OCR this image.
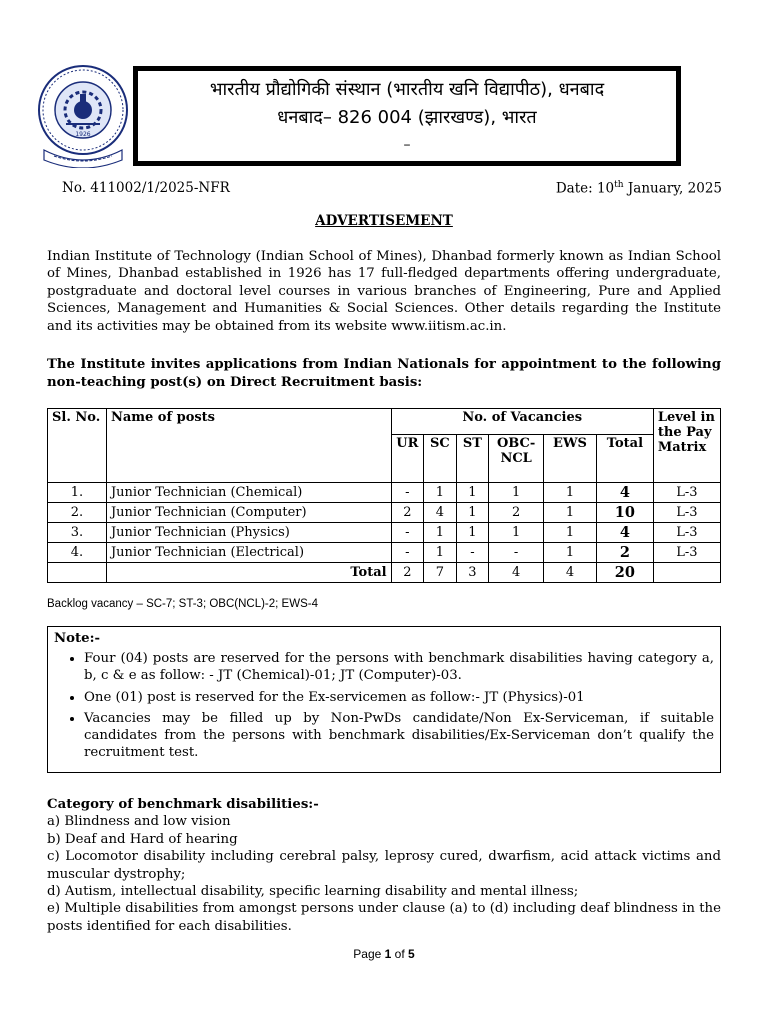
1926
भारतीय प्रौद्योगिकी संस्थान (भारतीय खनि विद्यापीठ), धनबाद
धनबाद– 826 004 (झारखण्ड), भारत
–
No. 411002/1/2025-NFR	Date: 10th January, 2025
ADVERTISEMENT
Indian Institute of Technology (Indian School of Mines), Dhanbad formerly known as Indian School of Mines, Dhanbad established in 1926 has 17 full-fledged departments offering undergraduate, postgraduate and doctoral level courses in various branches of Engineering, Pure and Applied Sciences, Management and Humanities & Social Sciences. Other details regarding the Institute and its activities may be obtained from its website www.iitism.ac.in.
The Institute invites applications from Indian Nationals for appointment to the following non-teaching post(s) on Direct Recruitment basis:
Sl. No.	Name of posts	No. of Vacancies						Level in the Pay Matrix
		UR	SC	ST	OBC-NCL	EWS	Total	
1.	Junior Technician (Chemical)	-	1	1	1	1	4	L-3
2.	Junior Technician (Computer)	2	4	1	2	1	10	L-3
3.	Junior Technician (Physics)	-	1	1	1	1	4	L-3
4.	Junior Technician (Electrical)	-	1	-	-	1	2	L-3
	Total	2	7	3	4	4	20	
Backlog vacancy – SC-7; ST-3; OBC(NCL)-2; EWS-4
Note:-
• Four (04) posts are reserved for the persons with benchmark disabilities having category a, b, c & e as follow: - JT (Chemical)-01; JT (Computer)-03.
• One (01) post is reserved for the Ex-servicemen as follow:- JT (Physics)-01
• Vacancies may be filled up by Non-PwDs candidate/Non Ex-Serviceman, if suitable candidates from the persons with benchmark disabilities/Ex-Serviceman don’t qualify the recruitment test.
Category of benchmark disabilities:-
a) Blindness and low vision
b) Deaf and Hard of hearing
c) Locomotor disability including cerebral palsy, leprosy cured, dwarfism, acid attack victims and muscular dystrophy;
d) Autism, intellectual disability, specific learning disability and mental illness;
e) Multiple disabilities from amongst persons under clause (a) to (d) including deaf blindness in the posts identified for each disabilities.
Page 1 of 5
